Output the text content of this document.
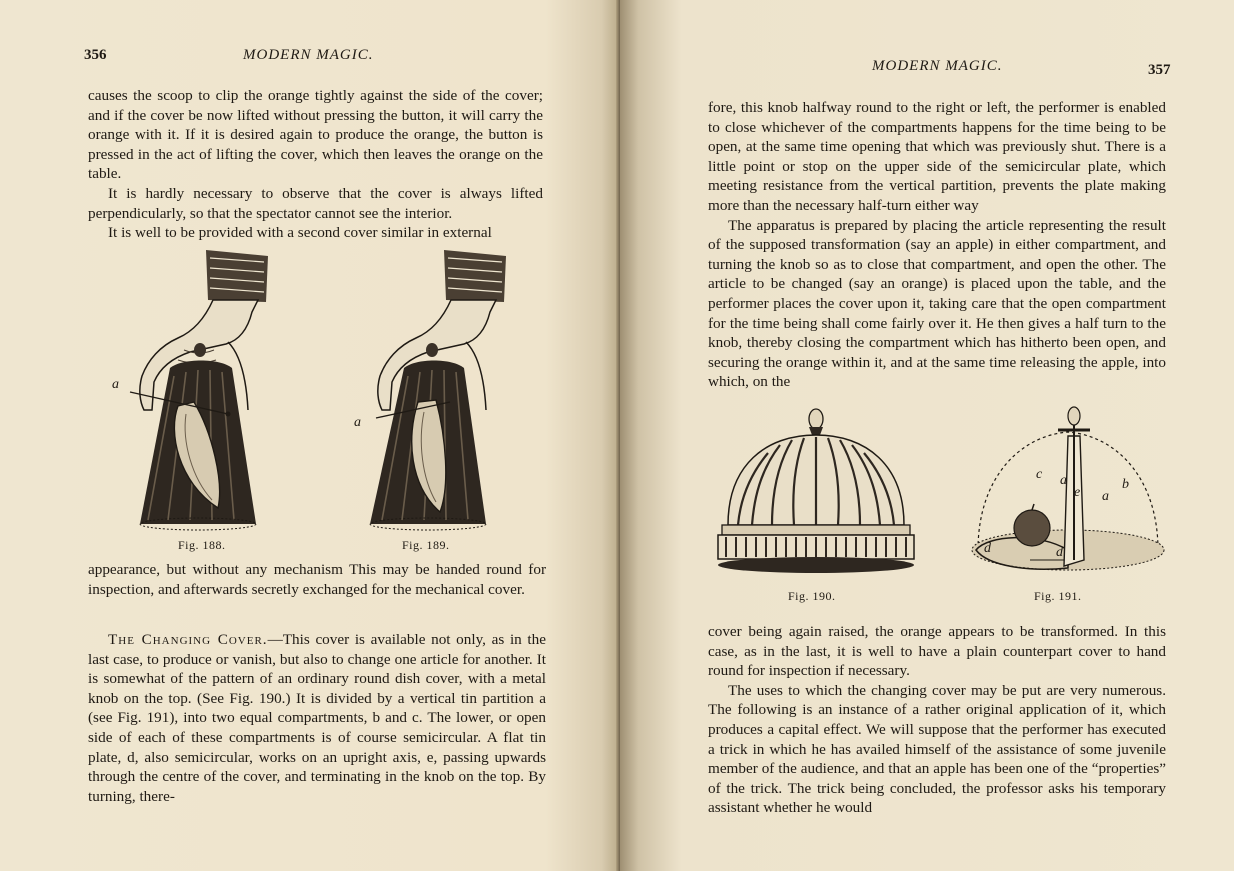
356	MODERN MAGIC.

causes the scoop to clip the orange tightly against the side of the cover; and if the cover be now lifted without pressing the button, it will carry the orange with it. If it is desired again to produce the orange, the button is pressed in the act of lifting the cover, which then leaves the orange on the table.

It is hardly necessary to observe that the cover is always lifted perpendicularly, so that the spectator cannot see the interior.

It is well to be provided with a second cover similar in external

a
a
Fig. 188.	Fig. 189.

appearance, but without any mechanism This may be handed round for inspection, and afterwards secretly exchanged for the mechanical cover.

The Changing Cover.—This cover is available not only, as in the last case, to produce or vanish, but also to change one article for another. It is somewhat of the pattern of an ordinary round dish cover, with a metal knob on the top. (See Fig. 190.) It is divided by a vertical tin partition a (see Fig. 191), into two equal compartments, b and c. The lower, or open side of each of these compartments is of course semicircular. A flat tin plate, d, also semicircular, works on an upright axis, e, passing upwards through the centre of the cover, and terminating in the knob on the top. By turning, there-

MODERN MAGIC.	357

fore, this knob halfway round to the right or left, the performer is enabled to close whichever of the compartments happens for the time being to be open, at the same time opening that which was previously shut. There is a little point or stop on the upper side of the semicircular plate, which meeting resistance from the vertical partition, prevents the plate making more than the necessary half-turn either way

The apparatus is prepared by placing the article representing the result of the supposed transformation (say an apple) in either compartment, and turning the knob so as to close that compartment, and open the other. The article to be changed (say an orange) is placed upon the table, and the performer places the cover upon it, taking care that the open compartment for the time being shall come fairly over it. He then gives a half turn to the knob, thereby closing the compartment which has hitherto been open, and securing the orange within it, and at the same time releasing the apple, into which, on the

Fig. 190.
c a	b
a
e
d	d
Fig. 191.

cover being again raised, the orange appears to be transformed. In this case, as in the last, it is well to have a plain counterpart cover to hand round for inspection if necessary.

The uses to which the changing cover may be put are very numerous. The following is an instance of a rather original application of it, which produces a capital effect. We will suppose that the performer has executed a trick in which he has availed himself of the assistance of some juvenile member of the audience, and that an apple has been one of the “properties” of the trick. The trick being concluded, the professor asks his temporary assistant whether he would
